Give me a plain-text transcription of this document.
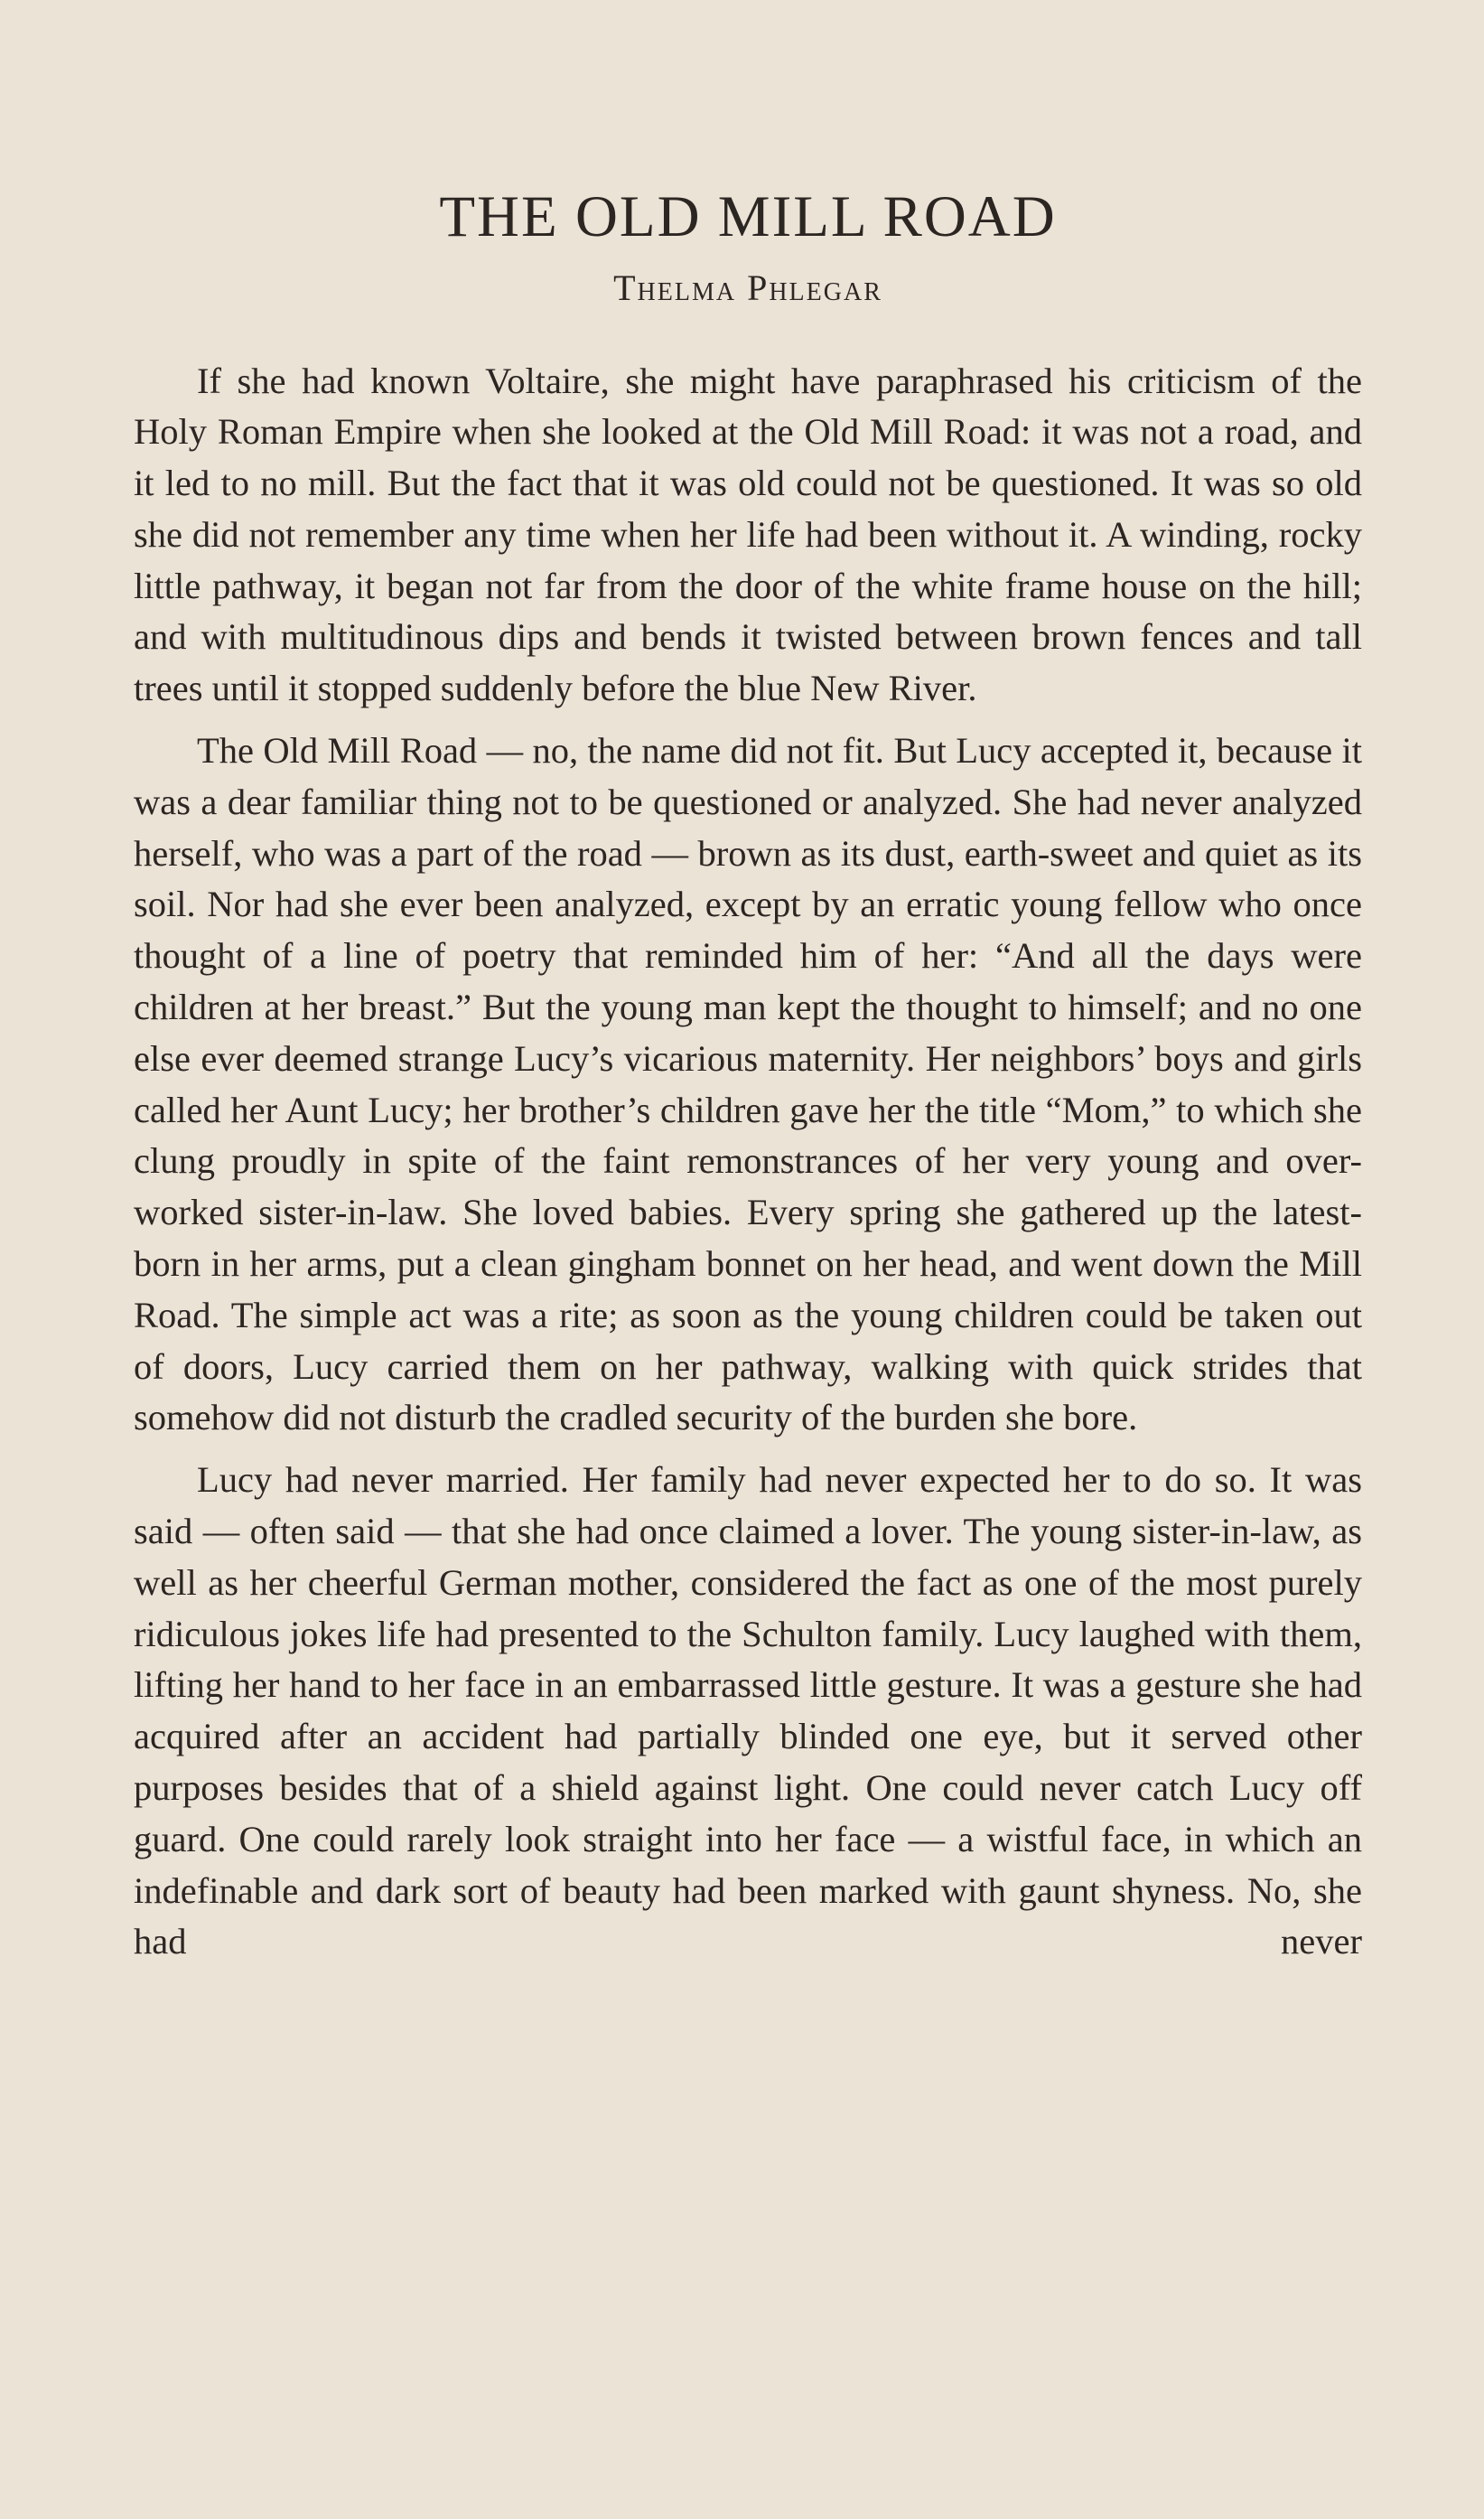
THE OLD MILL ROAD
Thelma Phlegar

If she had known Voltaire, she might have paraphrased his criticism of the Holy Roman Empire when she looked at the Old Mill Road: it was not a road, and it led to no mill. But the fact that it was old could not be questioned. It was so old she did not remember any time when her life had been without it. A winding, rocky little pathway, it began not far from the door of the white frame house on the hill; and with multitudinous dips and bends it twisted between brown fences and tall trees until it stopped suddenly before the blue New River.

The Old Mill Road — no, the name did not fit. But Lucy accepted it, because it was a dear familiar thing not to be questioned or analyzed. She had never analyzed herself, who was a part of the road — brown as its dust, earth-sweet and quiet as its soil. Nor had she ever been analyzed, except by an erratic young fellow who once thought of a line of poetry that reminded him of her: “And all the days were children at her breast.” But the young man kept the thought to himself; and no one else ever deemed strange Lucy’s vicarious maternity. Her neighbors’ boys and girls called her Aunt Lucy; her brother’s children gave her the title “Mom,” to which she clung proudly in spite of the faint remonstrances of her very young and over-worked sister-in-law. She loved babies. Every spring she gathered up the latest-born in her arms, put a clean gingham bonnet on her head, and went down the Mill Road. The simple act was a rite; as soon as the young children could be taken out of doors, Lucy carried them on her pathway, walking with quick strides that somehow did not disturb the cradled security of the burden she bore.

Lucy had never married. Her family had never expected her to do so. It was said — often said — that she had once claimed a lover. The young sister-in-law, as well as her cheerful German mother, considered the fact as one of the most purely ridiculous jokes life had presented to the Schulton family. Lucy laughed with them, lifting her hand to her face in an embarrassed little gesture. It was a gesture she had acquired after an accident had partially blinded one eye, but it served other purposes besides that of a shield against light. One could never catch Lucy off guard. One could rarely look straight into her face — a wistful face, in which an indefinable and dark sort of beauty had been marked with gaunt shyness. No, she had never
